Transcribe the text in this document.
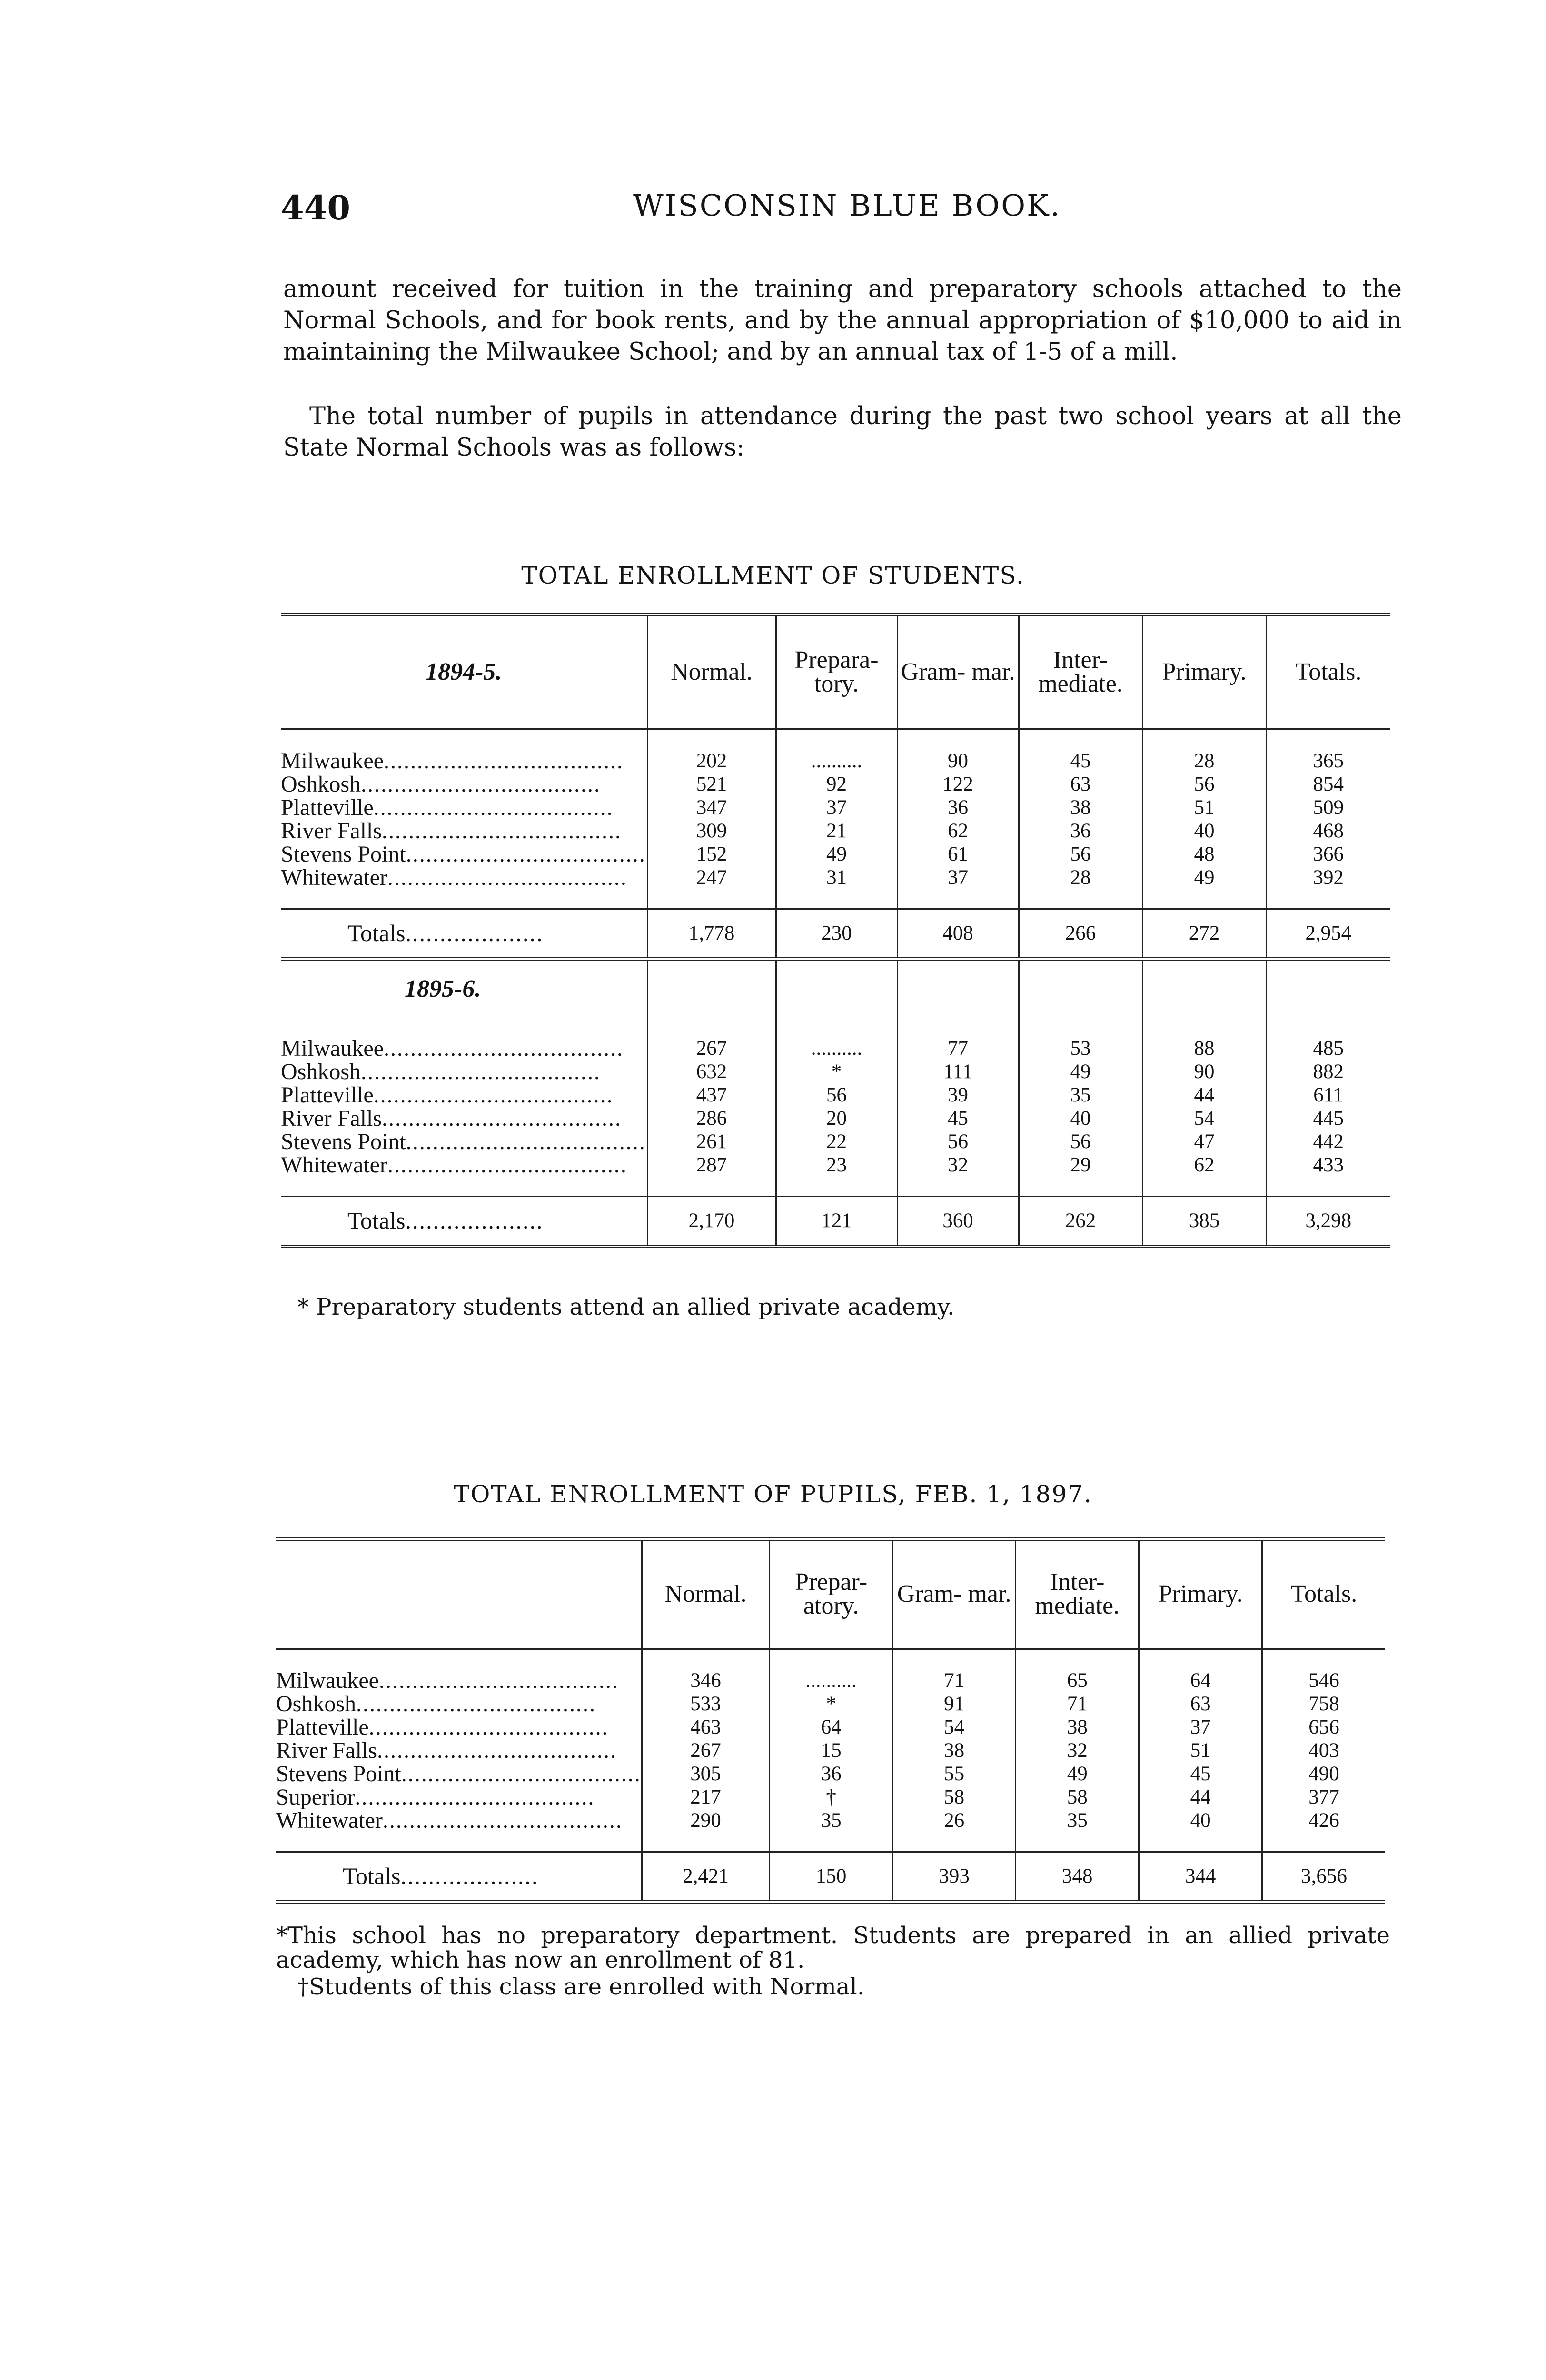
440	WISCONSIN BLUE BOOK.

amount received for tuition in the training and preparatory schools attached to the Normal Schools, and for book rents, and by the annual appropriation of $10,000 to aid in maintaining the Milwaukee School; and by an annual tax of 1-5 of a mill.

The total number of pupils in attendance during the past two school years at all the State Normal Schools was as follows:

TOTAL ENROLLMENT OF STUDENTS.
1894-5.	Normal.	Prepara- tory.	Gram- mar.	Inter- mediate.	Primary.	Totals.

Milwaukee....................................	202	..........	90	45	28	365
Oshkosh....................................	521	92	122	63	56	854
Platteville....................................	347	37	36	38	51	509
River Falls....................................	309	21	62	36	40	468
Stevens Point....................................	152	49	61	56	48	366
Whitewater....................................	247	31	37	28	49	392

Totals....................	1,778	230	408	266	272	2,954
1895-6.						

Milwaukee....................................	267	..........	77	53	88	485
Oshkosh....................................	632	*	111	49	90	882
Platteville....................................	437	56	39	35	44	611
River Falls....................................	286	20	45	40	54	445
Stevens Point....................................	261	22	56	56	47	442
Whitewater....................................	287	23	32	29	62	433

Totals....................	2,170	121	360	262	385	3,298
* Preparatory students attend an allied private academy.
TOTAL ENROLLMENT OF PUPILS, FEB. 1, 1897.
	Normal.	Prepar- atory.	Gram- mar.	Inter- mediate.	Primary.	Totals.

Milwaukee....................................	346	..........	71	65	64	546
Oshkosh....................................	533	*	91	71	63	758
Platteville....................................	463	64	54	38	37	656
River Falls....................................	267	15	38	32	51	403
Stevens Point....................................	305	36	55	49	45	490
Superior....................................	217	†	58	58	44	377
Whitewater....................................	290	35	26	35	40	426

Totals....................	2,421	150	393	348	344	3,656
*This school has no preparatory department. Students are prepared in an allied private academy, which has now an enrollment of 81.
†Students of this class are enrolled with Normal.
